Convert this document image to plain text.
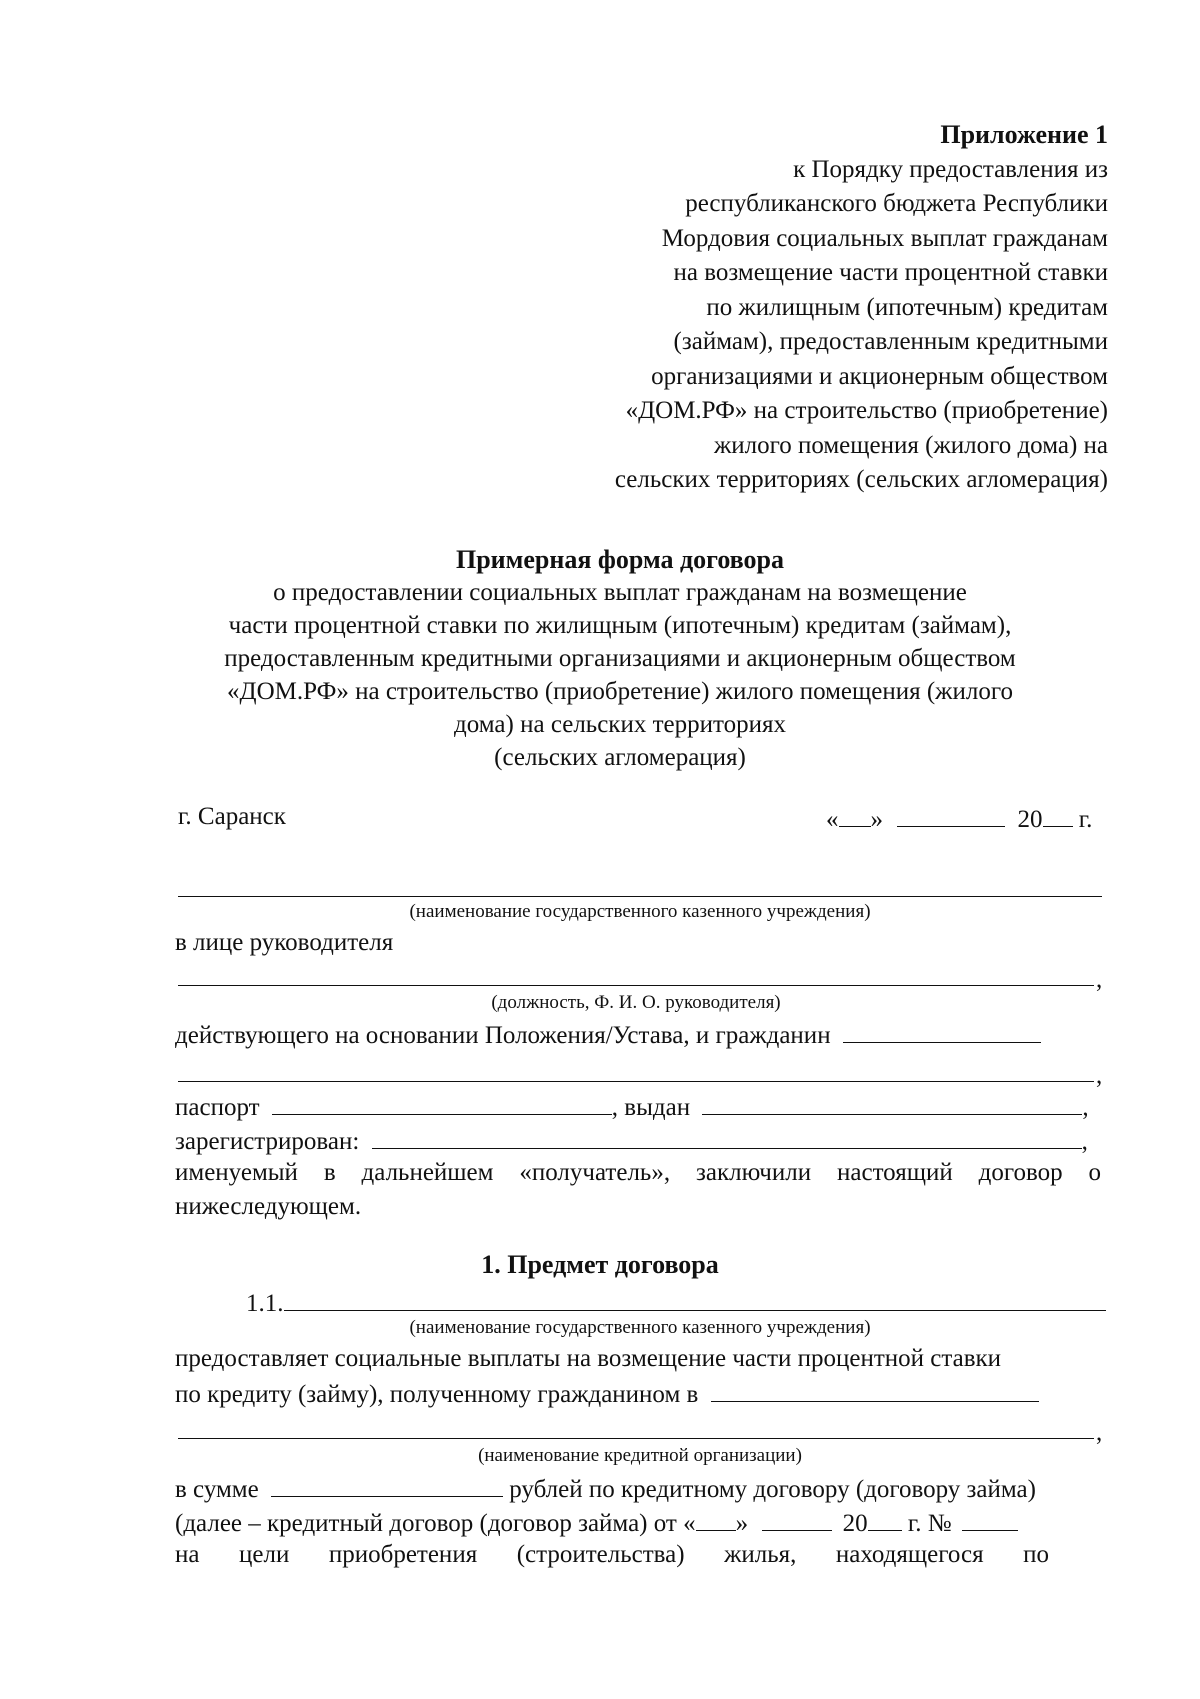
Приложение 1
к Порядку предоставления из
республиканского бюджета Республики
Мордовия социальных выплат гражданам
на возмещение части процентной ставки
по жилищным (ипотечным) кредитам
(займам), предоставленным кредитными
организациями и акционерным обществом
«ДОМ.РФ» на строительство (приобретение)
жилого помещения (жилого дома) на
сельских территориях (сельских агломерация)
Примерная форма договора
о предоставлении социальных выплат гражданам на возмещение
части процентной ставки по жилищным (ипотечным) кредитам (займам),
предоставленным кредитными организациями и акционерным обществом
«ДОМ.РФ» на строительство (приобретение) жилого помещения (жилого
дома) на сельских территориях
(сельских агломерация)
г. Саранск	« »	20 г.
(наименование государственного казенного учреждения)
в лице руководителя
,
(должность, Ф. И. О. руководителя)
действующего на основании Положения/Устава, и гражданин
,
паспорт	, выдан	,
зарегистрирован:	,
именуемый в дальнейшем «получатель», заключили настоящий договор о
нижеследующем.
1. Предмет договора
1.1.
(наименование государственного казенного учреждения)
предоставляет социальные выплаты на возмещение части процентной ставки
по кредиту (займу), полученному гражданином в
,
(наименование кредитной организации)
в сумме	рублей по кредитному договору (договору займа)
(далее – кредитный договор (договор займа) от « »	20 г. №
на цели приобретения (строительства) жилья, находящегося по
